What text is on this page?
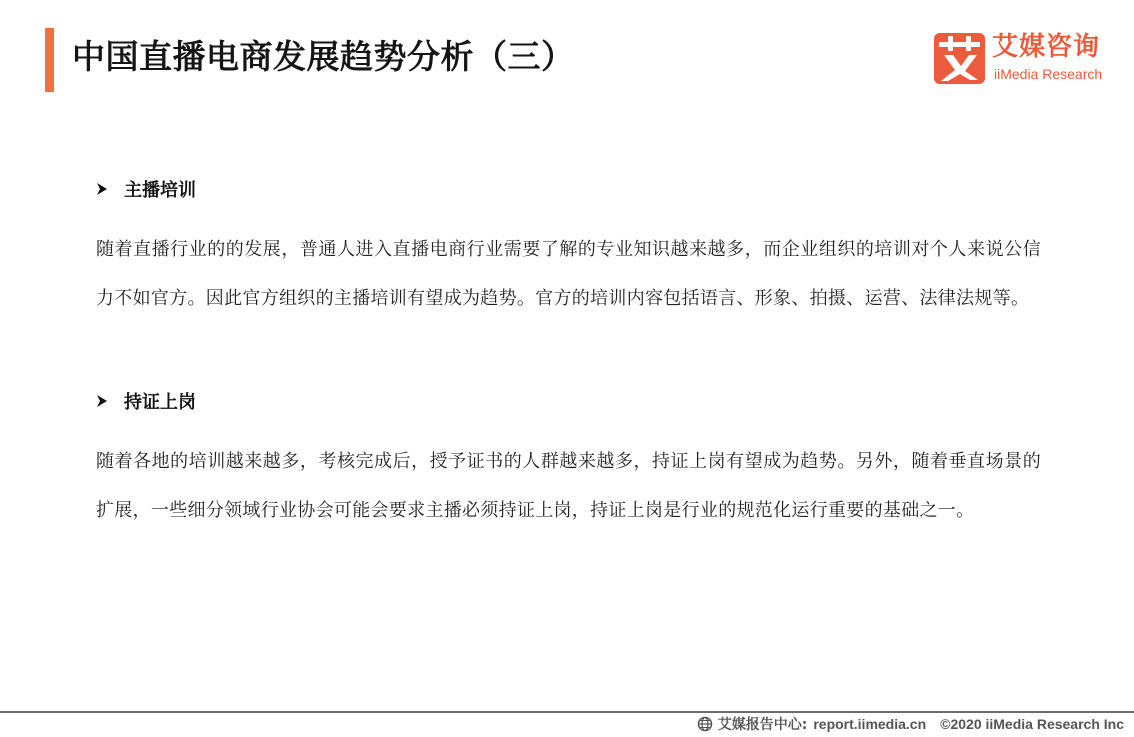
中国直播电商发展趋势分析（三）	艾媒咨询
iiMedia Research
主播培训
随着直播行业的的发展，普通人进入直播电商行业需要了解的专业知识越来越多，而企业组织的培训对个人来说公信力不如官方。因此官方组织的主播培训有望成为趋势。官方的培训内容包括语言、形象、拍摄、运营、法律法规等。
持证上岗
随着各地的培训越来越多，考核完成后，授予证书的人群越来越多，持证上岗有望成为趋势。另外，随着垂直场景的扩展，一些细分领域行业协会可能会要求主播必须持证上岗，持证上岗是行业的规范化运行重要的基础之一。
艾媒报告中心: report.iimedia.cn ©2020 iiMedia Research Inc
